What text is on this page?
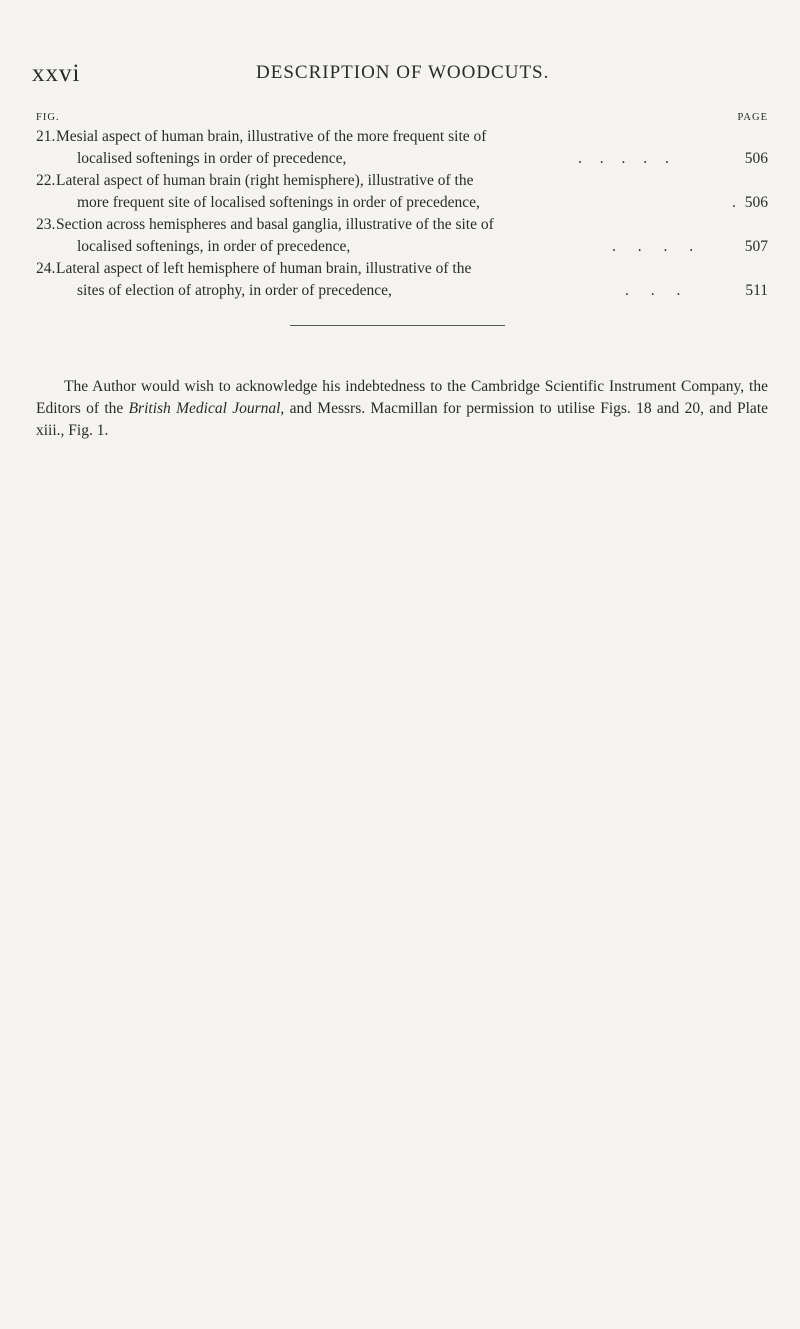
xxvi	DESCRIPTION OF WOODCUTS.
FIG.	PAGE
21. Mesial aspect of human brain, illustrative of the more frequent site of
localised softenings in order of precedence,	. . . . .	506
22. Lateral aspect of human brain (right hemisphere), illustrative of the
more frequent site of localised softenings in order of precedence,	. 506
23. Section across hemispheres and basal ganglia, illustrative of the site of
localised softenings, in order of precedence,	. . . .	507
24. Lateral aspect of left hemisphere of human brain, illustrative of the
sites of election of atrophy, in order of precedence,	. . .	511

The Author would wish to acknowledge his indebtedness to the Cambridge Scientific Instrument Company, the Editors of the British Medical Journal, and Messrs. Macmillan for permission to utilise Figs. 18 and 20, and Plate xiii., Fig. 1.
